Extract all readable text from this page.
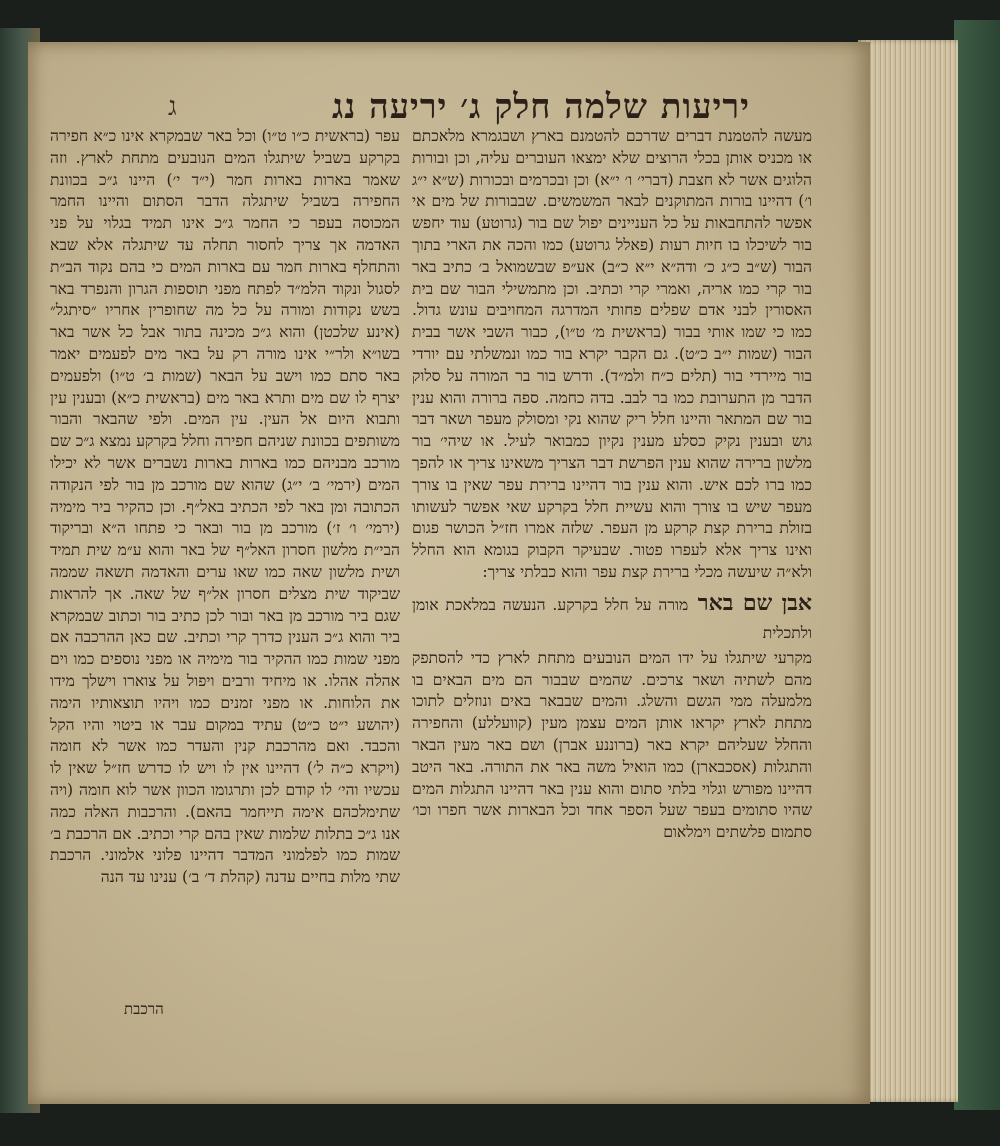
יריעות שלמה חלק ג׳ יריעה נג
ג

מעשה להטמנת דברים שדרכם להטמנם בארץ ושבגמרא מלאכתם או מכניס אותן בכלי הרוצים שלא ימצאו העוברים עליה, וכן ובורות הלוגים אשר לא חצבת (דברי׳ ו׳ י״א) וכן ובכרמים ובכורות (ש״א י״ג ו׳) דהיינו בורות המתוקנים לבאר המשמשים. שבבורות של מים אי אפשר להתחבאות על כל העניינים יפול שם בור (גרוטע) עוד יחפש בור לשיכלו בו חיות רעות (פאלל גרוטע) כמו והכה את הארי בתוך הבור (ש״ב כ״ג כ׳ ודה״א י״א כ״ב) אע״פ שבשמואל ב׳ כתיב באר בור קרי כמו אריה, ואמרי קרי וכתיב. וכן מתמשילי הבור שם בית האסורין לבני אדם שפלים פחותי המדרגה המחויבים עונש גדול. כמו כי שמו אותי בבור (בראשית מ׳ ט״ו), כבור השבי אשר בבית הבור (שמות י״ב כ״ט). גם הקבר יקרא בור כמו ונמשלתי עם יורדי בור מיירדי בור (תלים כ״ח ולמ״ד). ודרש בור בר המורה על סלוק הדבר מן התערובת כמו בר לבב. בדה כחמה. ספה ברורה והוא ענין בור שם המתאר והיינו חלל ריק שהוא נקי ומסולק מעפר ושאר דבר גוש ובענין נקיק כסלע מענין נקיון כמבואר לעיל. או שיהי׳ בור מלשון ברירה שהוא ענין הפרשת דבר הצריך משאינו צריך או להפך כמו ברו לכם איש. והוא ענין בור דהיינו ברירת עפר שאין בו צורך מעפר שיש בו צורך והוא עשיית חלל בקרקע שאי אפשר לעשותו בזולת ברירת קצת קרקע מן העפר. שלזה אמרו חז״ל הכושר פגום ואינו צריך אלא לעפרו פטור. שבעיקר הקבוק בגומא הוא החלל ולא״ה שיעשה מכלי ברירת קצת עפר והוא כבלתי צריך:

אבן שם באר מורה על חלל בקרקע. הנעשה במלאכת אומן ולתכלית

מקרעי שיתגלו על ידו המים הנובעים מתחת לארץ כדי להסתפק מהם לשתיה ושאר צרכים. שהמים שבבור הם מים הבאים בו מלמעלה ממי הגשם והשלג. והמים שבבאר באים ונוזלים לתוכו מתחת לארץ יקראו אותן המים עצמן מעין (קוועללע) והחפירה והחלל שעליהם יקרא באר (ברוננע אברן) ושם באר מעין הבאר והתגלות (אסכבארן) כמו הואיל משה באר את התורה. באר היטב דהיינו מפורש וגלוי בלתי סתום והוא ענין באר דהיינו התגלות המים שהיו סתומים בעפר שעל הספר אחד וכל הבארות אשר חפרו וכו׳ סתמום פלשתים וימלאום

עפר (בראשית כ״ו ט״ו) וכל באר שבמקרא אינו כ״א חפירה בקרקע בשביל שיתגלו המים הנובעים מתחת לארץ. וזה שאמר בארות בארות חמר (י״ד י׳) היינו ג״כ בכוונת החפירה בשביל שיתגלה הדבר הסתום והיינו החמר המכוסה בעפר כי החמר ג״כ אינו תמיד בגלוי על פני האדמה אך צריך לחסור תחלה עד שיתגלה אלא שבא והתחלף בארות חמר עם בארות המים כי בהם נקוד הב״ת לסגול ונקוד הלמ״ד לפתח מפני תוספות הגרון והנפרד באר בשש נקודות ומורה על כל מה שחופרין אחריו ״סיתגל״ (אינע שלכטן) והוא ג״כ מכינה בתור אבל כל אשר באר בשו״א ולר״י אינו מורה רק על באר מים לפעמים יאמר באר סתם כמו וישב על הבאר (שמות ב׳ ט״ו) ולפעמים יצרף לו שם מים ותרא באר מים (בראשית כ״א) ובענין עין ותבוא היום אל העין. עין המים. ולפי שהבאר והבור משותפים בכוונת שניהם חפירה וחלל בקרקע נמצא ג״כ שם מורכב מבניהם כמו בארות בארות נשברים אשר לא יכילו המים (ירמי׳ ב׳ י״ג) שהוא שם מורכב מן בור לפי הנקודה הכתובה ומן באר לפי הכתיב באל״ף. וכן כהקיר ביר מימיה (ירמי׳ ו׳ ז׳) מורכב מן בור ובאר כי פתחו ה״א ובריקוד הבי״ת מלשון חסרון האל״ף של באר והוא ע״מ שית תמיד ושית מלשון שאה כמו שאו ערים והאדמה תשאה שממה שביקוד שית מצלים חסרון אל״ף של שאה. אך להראות שגם ביר מורכב מן באר ובור לכן כתיב בור וכתוב שבמקרא ביר והוא ג״כ הענין כדרך קרי וכתיב. שם כאן ההרכבה אם מפני שמות כמו ההקיר בור מימיה או מפני נוספים כמו וים אהלה אהלו. או מיחיד ורבים ויפול על צוארו וישלך מידו את הלוחות. או מפני זמנים כמו ויהיו תוצאותיו הימה (יהושע י״ט כ״ט) עתיד במקום עבר או ביטוי והיו הקל והכבד. ואם מהרכבת קנין והעדר כמו אשר לא חומה (ויקרא כ״ה ל׳) דהיינו אין לו ויש לו כדרש חז״ל שאין לו עכשיו והי׳ לו קודם לכן ותרגומו הכוון אשר לוא חומה (ויה שתימלכהם אימה תייחמר בהאם). והרכבות האלה כמה אנו ג״כ בתלות שלמות שאין בהם קרי וכתיב. אם הרכבת ב׳ שמות כמו לפלמוני המדבר דהיינו פלוני אלמוני. הרכבת שתי מלות בחיים עדנה (קהלת ד׳ ב׳) ענינו עד הנה

הרכבת
